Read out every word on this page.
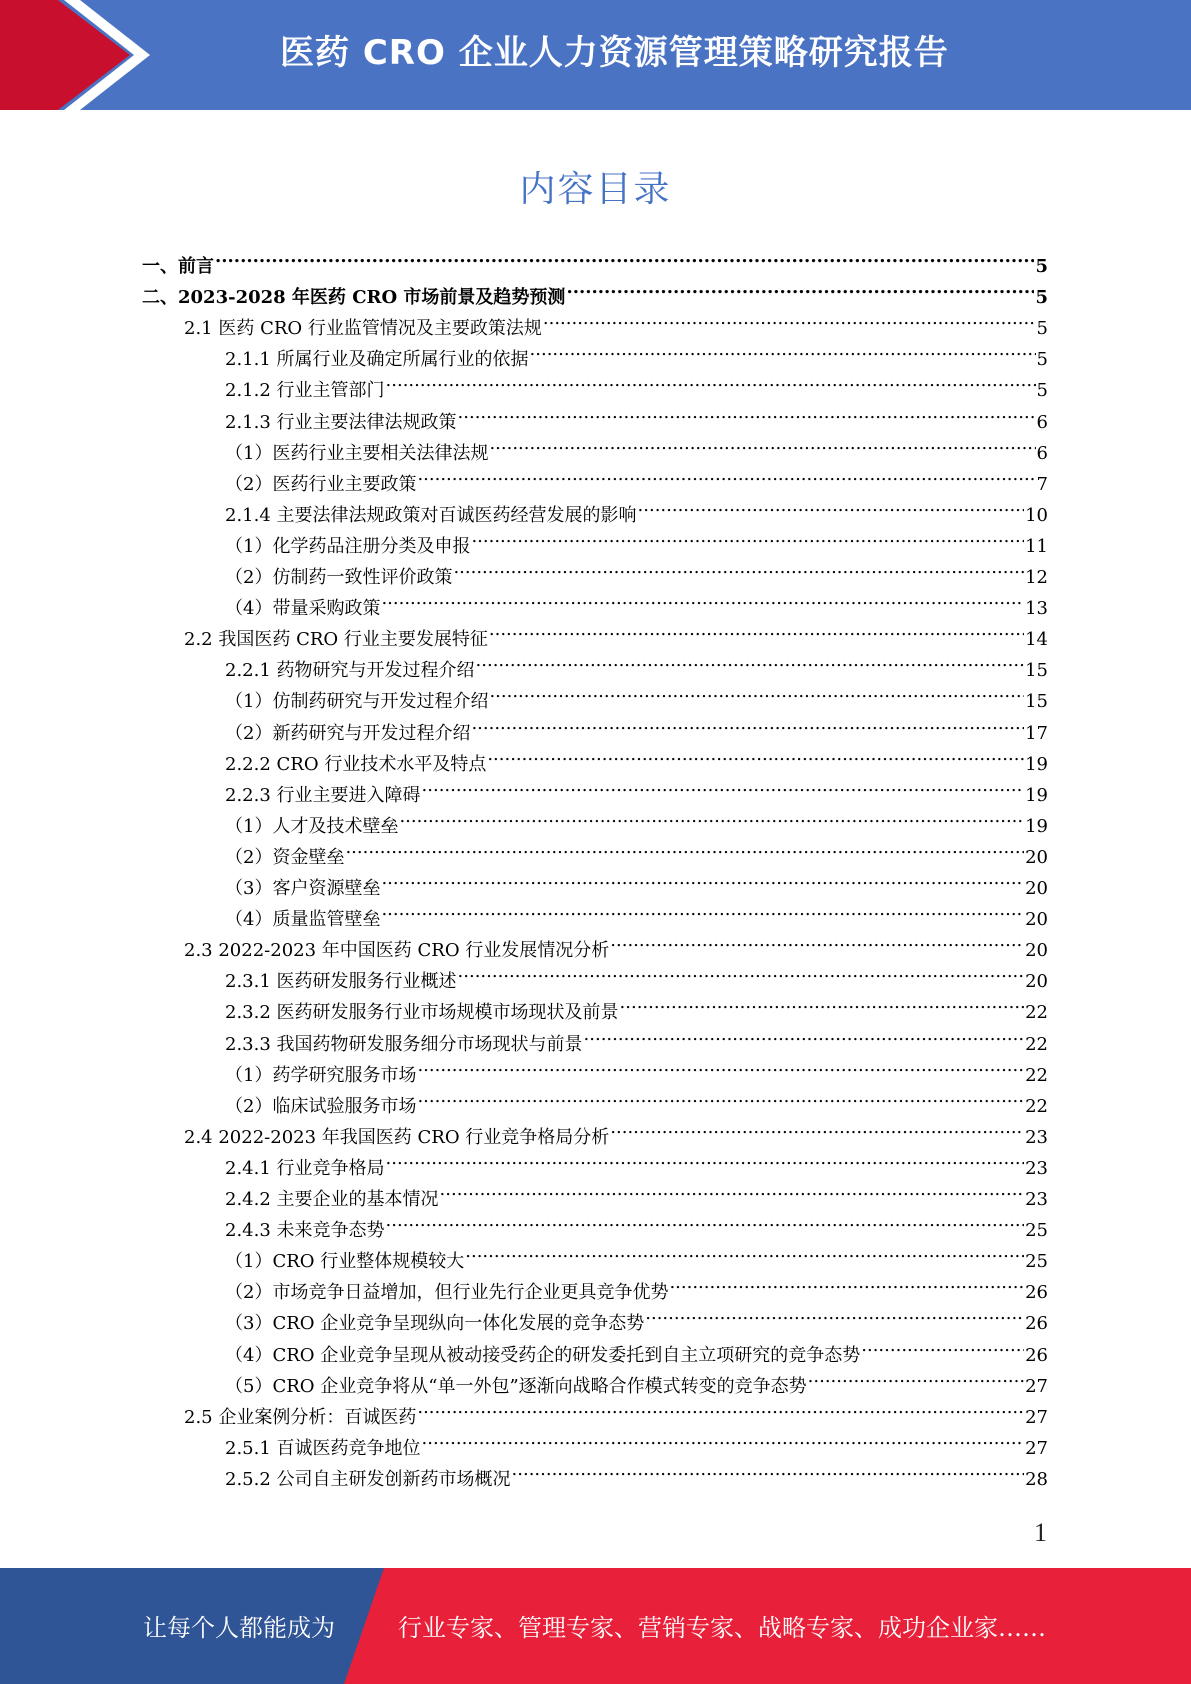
医药 CRO 企业人力资源管理策略研究报告
内容目录
一、前言 .....	5
二、2023-2028 年医药 CRO 市场前景及趋势预测 .....	5
2.1 医药 CRO 行业监管情况及主要政策法规 .....	5
2.1.1 所属行业及确定所属行业的依据 .....	5
2.1.2 行业主管部门 .....	5
2.1.3 行业主要法律法规政策 .....	6
（1）医药行业主要相关法律法规 .....	6
（2）医药行业主要政策 .....	7
2.1.4 主要法律法规政策对百诚医药经营发展的影响 .....	10
（1）化学药品注册分类及申报 .....	11
（2）仿制药一致性评价政策 .....	12
（4）带量采购政策 .....	13
2.2 我国医药 CRO 行业主要发展特征 .....	14
2.2.1 药物研究与开发过程介绍 .....	15
（1）仿制药研究与开发过程介绍 .....	15
（2）新药研究与开发过程介绍 .....	17
2.2.2 CRO 行业技术水平及特点 .....	19
2.2.3 行业主要进入障碍 .....	19
（1）人才及技术壁垒 .....	19
（2）资金壁垒 .....	20
（3）客户资源壁垒 .....	20
（4）质量监管壁垒 .....	20
2.3 2022-2023 年中国医药 CRO 行业发展情况分析 .....	20
2.3.1 医药研发服务行业概述 .....	20
2.3.2 医药研发服务行业市场规模市场现状及前景 .....	22
2.3.3 我国药物研发服务细分市场现状与前景 .....	22
（1）药学研究服务市场 .....	22
（2）临床试验服务市场 .....	22
2.4 2022-2023 年我国医药 CRO 行业竞争格局分析 .....	23
2.4.1 行业竞争格局 .....	23
2.4.2 主要企业的基本情况 .....	23
2.4.3 未来竞争态势 .....	25
（1）CRO 行业整体规模较大 .....	25
（2）市场竞争日益增加，但行业先行企业更具竞争优势 .....	26
（3）CRO 企业竞争呈现纵向一体化发展的竞争态势 .....	26
（4）CRO 企业竞争呈现从被动接受药企的研发委托到自主立项研究的竞争态势 .....	26
（5）CRO 企业竞争将从“单一外包”逐渐向战略合作模式转变的竞争态势 .....	27
2.5 企业案例分析：百诚医药 .....	27
2.5.1 百诚医药竞争地位 .....	27
2.5.2 公司自主研发创新药市场概况 .....	28
1
让每个人都能成为	行业专家、管理专家、营销专家、战略专家、成功企业家……
